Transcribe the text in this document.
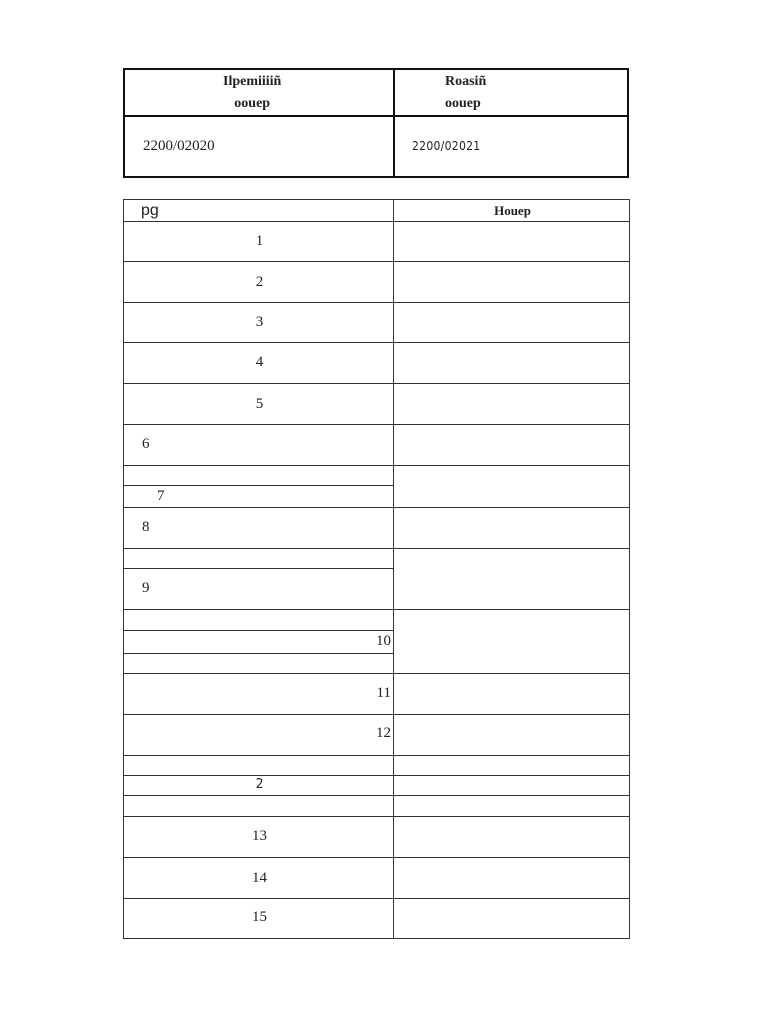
Ilpemiiiiñ
oouep
Roasiñ
oouep
2200/02020	2200/02021
pg	Houep
1
2
3
4
5
6
7
8
9
10
11
12
2
13
14
15
